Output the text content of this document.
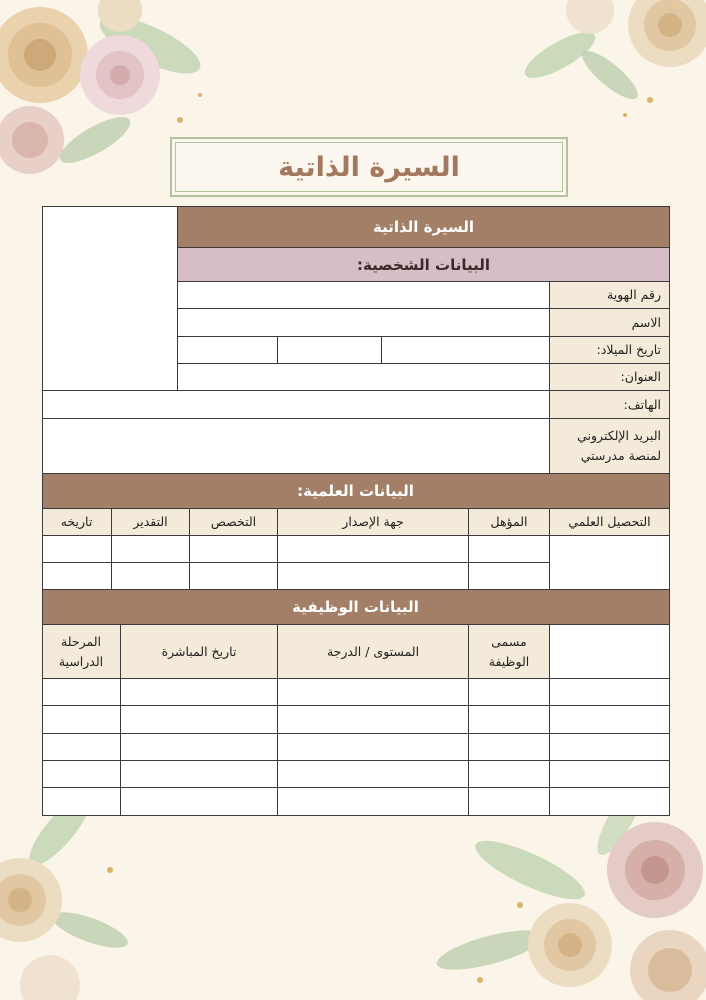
السيرة الذاتية
السيرة الذاتية
البيانات الشخصية:
رقم الهوية
الاسم
تاريخ الميلاد:
العنوان:
الهاتف:
البريد الإلكتروني
لمنصة مدرستي
البيانات العلمية:
التحصيل العلمي
المؤهل
جهة الإصدار
التخصص
التقدير
تاريخه
البيانات الوظيفية
مسمى
الوظيفة
المستوى / الدرجة
تاريخ المباشرة
المرحلة
الدراسية
